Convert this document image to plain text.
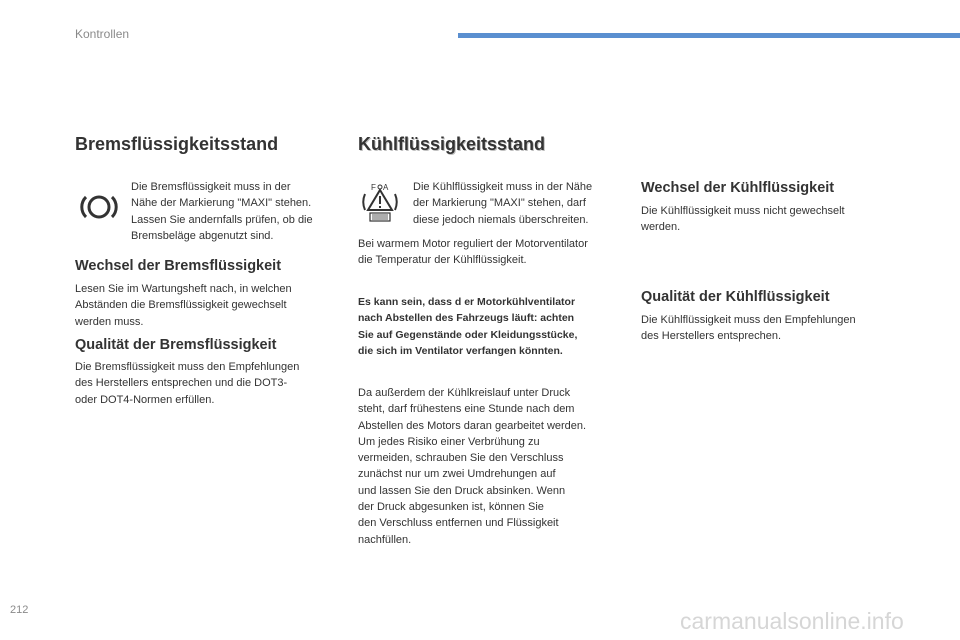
Kontrollen
Bremsflüssigkeitsstand

Die Bremsflüssigkeit muss in der

Nähe der Markierung "MAXI" stehen.

Lassen Sie andernfalls prüfen, ob die

Bremsbeläge abgenutzt sind.

Wechsel der Bremsflüssigkeit

Lesen Sie im Wartungsheft nach, in welchen

Abständen die Bremsflüssigkeit gewechselt

werden muss.

Qualität der Bremsflüssigkeit

Die Bremsflüssigkeit muss den Empfehlungen

des Herstellers entsprechen und die DOT3-

oder DOT4-Normen erfüllen.

Kühlflüssigkeitsstand
F A Die Kühlflüssigkeit muss in der Nähe

der Markierung "MAXI" stehen, darf

diese jedoch niemals überschreiten.

Bei warmem Motor reguliert der Motorventilator

die Temperatur der Kühlflüssigkeit.

Es kann sein, dass d er Motorkühlventilator

nach Abstellen des Fahrzeugs läuft: achten

Sie auf Gegenstände oder Kleidungsstücke,

die sich im Ventilator verfangen könnten.

Da außerdem der Kühlkreislauf unter Druck

steht, darf frühestens eine Stunde nach dem

Abstellen des Motors daran gearbeitet werden.

Um jedes Risiko einer Verbrühung zu

vermeiden, schrauben Sie den Verschluss

zunächst nur um zwei Umdrehungen auf

und lassen Sie den Druck absinken. Wenn

der Druck abgesunken ist, können Sie

den Verschluss entfernen und Flüssigkeit

nachfüllen.

Wechsel der Kühlflüssigkeit

Die Kühlflüssigkeit muss nicht gewechselt

werden.

Qualität der Kühlflüssigkeit

Die Kühlflüssigkeit muss den Empfehlungen

des Herstellers entsprechen.

212	carmanualsonline.info
